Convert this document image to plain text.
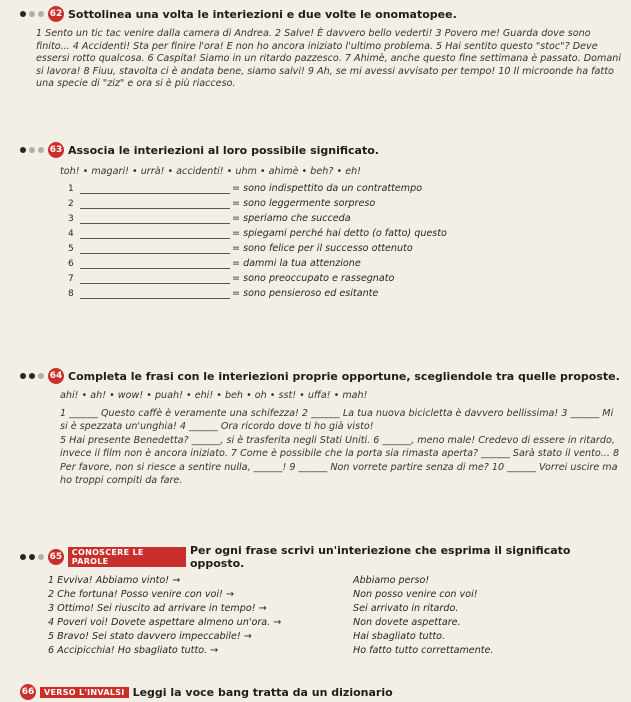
62 Sottolinea una volta le interiezioni e due volte le onomatopee.
1 Sento un tic tac venire dalla camera di Andrea. 2 Salve! È davvero bello vederti! 3 Povero me! Guarda dove sono finito... 4 Accidenti! Sta per finire l'ora! E non ho ancora iniziato l'ultimo problema. 5 Hai sentito questo "stoc"? Deve essersi rotto qualcosa. 6 Caspita! Siamo in un ritardo pazzesco. 7 Ahimè, anche questo fine settimana è passato. Domani si lavora! 8 Fiuu, stavolta ci è andata bene, siamo salvi! 9 Ah, se mi avessi avvisato per tempo! 10 Il microonde ha fatto una specie di "ziz" e ora si è più riacceso.
63 Associa le interiezioni al loro possibile significato.
toh! • magari! • urrà! • accidenti! • uhm • ahimè • beh? • eh!
1	= sono indispettito da un contrattempo
2	= sono leggermente sorpreso
3	= speriamo che succeda
4	= spiegami perché hai detto (o fatto) questo
5	= sono felice per il successo ottenuto
6	= dammi la tua attenzione
7	= sono preoccupato e rassegnato
8	= sono pensieroso ed esitante
64 Completa le frasi con le interiezioni proprie opportune, scegliendole tra quelle proposte.
ahi! • ah! • wow! • puah! • ehi! • beh • oh • sst! • uffa! • mah!
1 ______ Questo caffè è veramente una schifezza! 2 ______ La tua nuova bicicletta è davvero bellissima! 3 ______ Mi si è spezzata un'unghia! 4 ______ Ora ricordo dove ti ho già visto!
5 Hai presente Benedetta? ______, si è trasferita negli Stati Uniti. 6 ______, meno male! Credevo di essere in ritardo, invece il film non è ancora iniziato. 7 Come è possibile che la porta sia rimasta aperta? ______ Sarà stato il vento... 8 Per favore, non si riesce a sentire nulla, ______! 9 ______ Non vorrete partire senza di me? 10 ______ Vorrei uscire ma ho troppi compiti da fare.
65	CONOSCERE LE PAROLE
Per ogni frase scrivi un'interiezione che esprima il significato opposto.
1 Evviva! Abbiamo vinto! →	Abbiamo perso!
2 Che fortuna! Posso venire con voi! →	Non posso venire con voi!
3 Ottimo! Sei riuscito ad arrivare in tempo! →	Sei arrivato in ritardo.
4 Poveri voi! Dovete aspettare almeno un'ora. →	Non dovete aspettare.
5 Bravo! Sei stato davvero impeccabile! →	Hai sbagliato tutto.
6 Accipicchia! Ho sbagliato tutto. →	Ho fatto tutto correttamente.
66	VERSO L'INVALSI Leggi la voce bang tratta da un dizionario
